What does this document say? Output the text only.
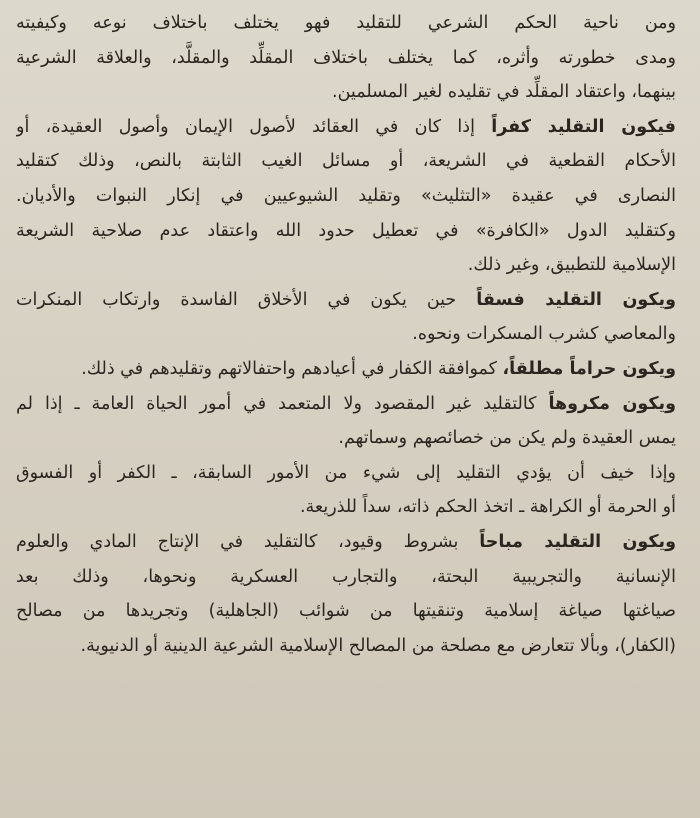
ومن ناحية الحكم الشرعي للتقليد فهو يختلف باختلاف نوعه وكيفيته
ومدى خطورته وأثره، كما يختلف باختلاف المقلِّد والمقلَّد، والعلاقة الشرعية
بينهما، واعتقاد المقلِّد في تقليده لغير المسلمين.
فيكون التقليد كفراً إذا كان في العقائد لأصول الإيمان وأصول العقيدة، أو
الأحكام القطعية في الشريعة، أو مسائل الغيب الثابتة بالنص، وذلك كتقليد
النصارى في عقيدة «التثليث» وتقليد الشيوعيين في إنكار النبوات والأديان.
وكتقليد الدول «الكافرة» في تعطيل حدود الله واعتقاد عدم صلاحية الشريعة
الإسلامية للتطبيق، وغير ذلك.
ويكون التقليد فسقاً حين يكون في الأخلاق الفاسدة وارتكاب المنكرات
والمعاصي كشرب المسكرات ونحوه.
ويكون حراماً مطلقاً، كموافقة الكفار في أعيادهم واحتفالاتهم وتقليدهم في ذلك.
ويكون مكروهاً كالتقليد غير المقصود ولا المتعمد في أمور الحياة العامة ـ إذا لم
يمس العقيدة ولم يكن من خصائصهم وسماتهم.
وإذا خيف أن يؤدي التقليد إلى شيء من الأمور السابقة، ـ الكفر أو الفسوق
أو الحرمة أو الكراهة ـ اتخذ الحكم ذاته، سداً للذريعة.
ويكون التقليد مباحاً بشروط وقيود، كالتقليد في الإنتاج المادي والعلوم
الإنسانية والتجريبية البحتة، والتجارب العسكرية ونحوها، وذلك بعد
صياغتها صياغة إسلامية وتنقيتها من شوائب (الجاهلية) وتجريدها من مصالح
(الكفار)، وبألا تتعارض مع مصلحة من المصالح الإسلامية الشرعية الدينية أو الدنيوية.
